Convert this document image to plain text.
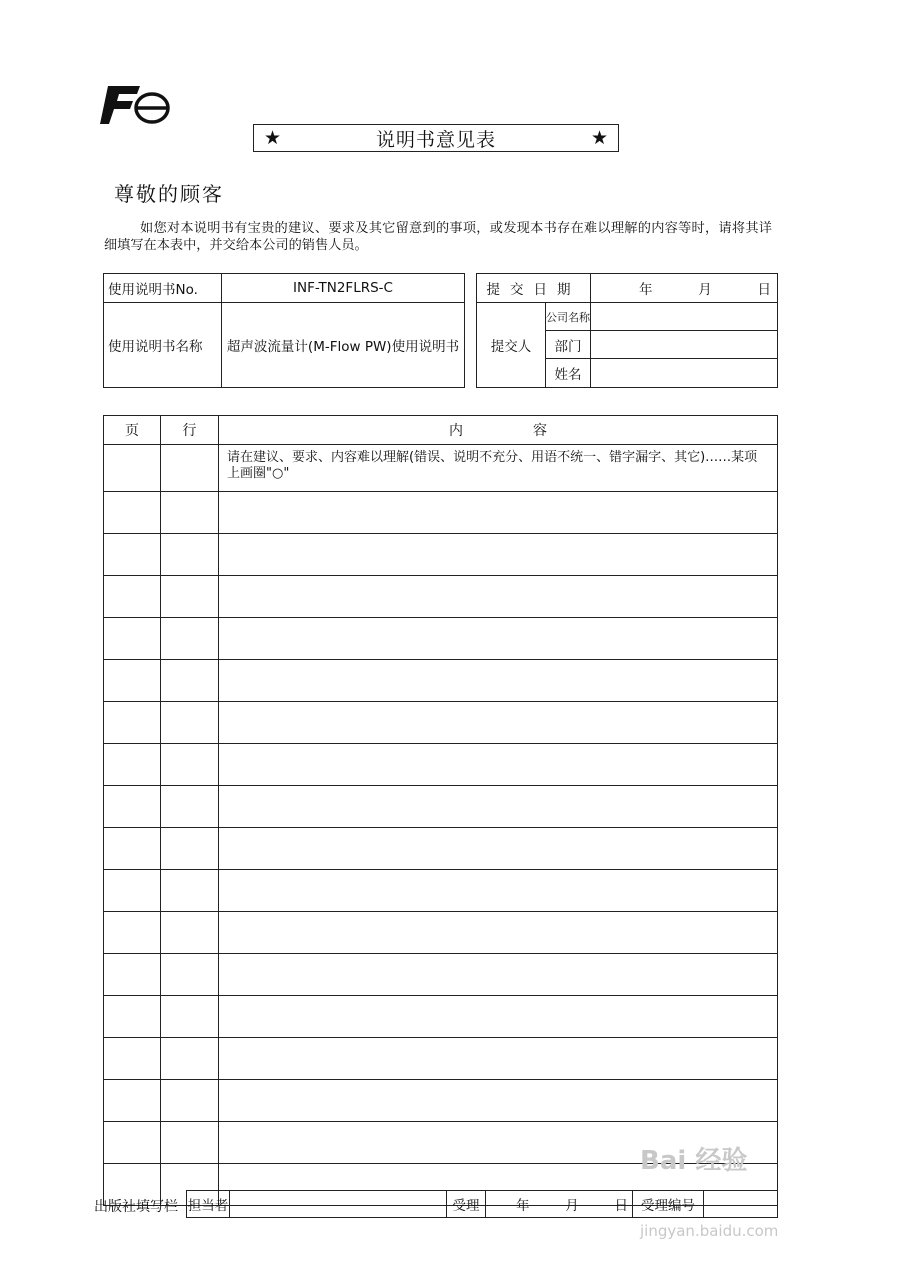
Fe
★	说明书意见表	★
尊敬的顾客
如您对本说明书有宝贵的建议、要求及其它留意到的事项，或发现本书存在难以理解的内容等时，请将其详细填写在本表中，并交给本公司的销售人员。
使用说明书No.	INF-TN2FLRS-C
使用说明书名称	超声波流量计(M-Flow PW)使用说明书
提交日期		年 月 日

提交人	公司名称	
	部门	
	姓名	
页	行	内　　　　　容
		请在建议、要求、内容难以理解(错误、说明不充分、用语不统一、错字漏字、其它)……某项上画圈"○"

出版社填写栏 担当者		受理	年	月	日	受理编号	
Bai 经验
jingyan.baidu.com
